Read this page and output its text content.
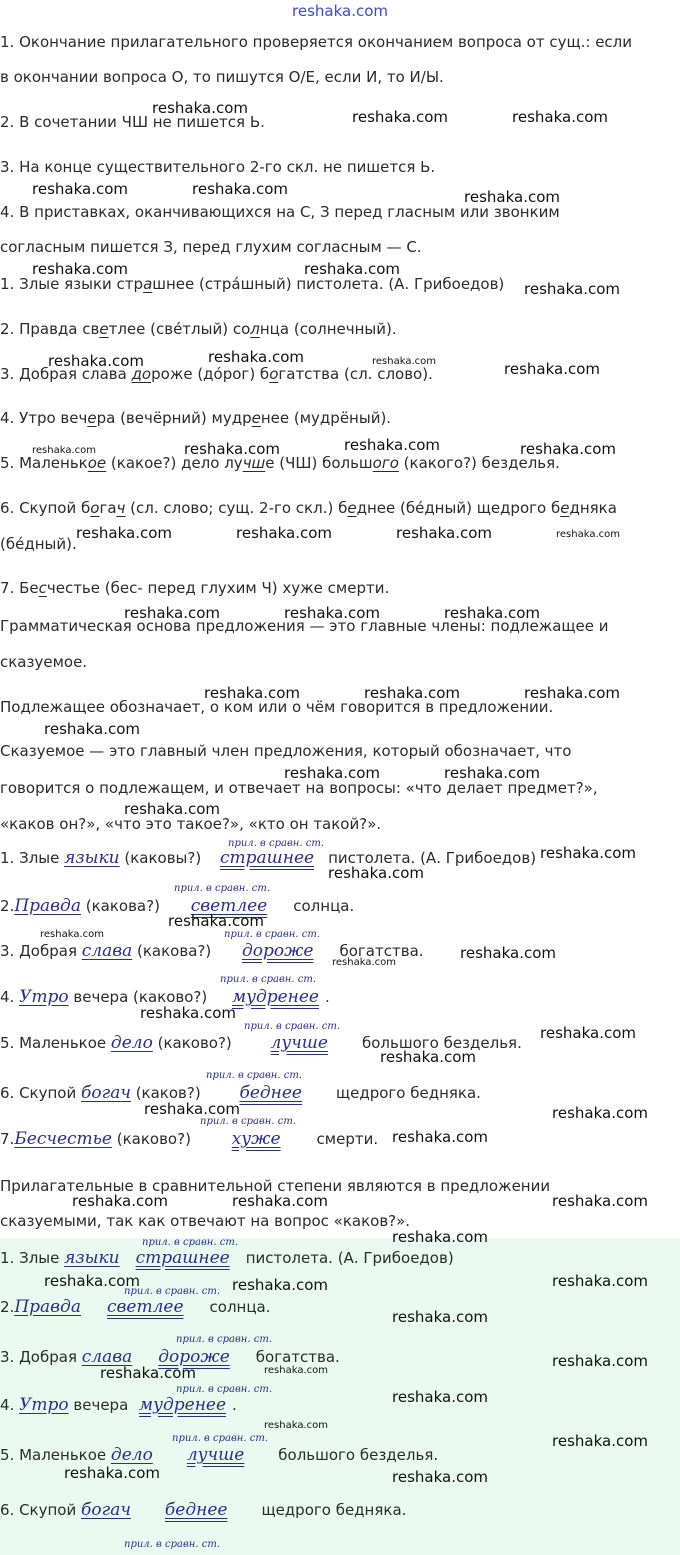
reshaka.com
1. Окончание прилагательного проверяется окончанием вопроса от сущ.: если
в окончании вопроса О, то пишутся О/Е, если И, то И/Ы.
2. В сочетании ЧШ не пишется Ь.
3. На конце существительного 2-го скл. не пишется Ь.
4. В приставках, оканчивающихся на С, З перед гласным или звонким
согласным пишется З, перед глухим согласным — С.
1. Злые языки страшнее (стра́шный) пистолета. (А. Грибоедов)
2. Правда светлее (све́тлый) солнца (солнечный).
3. Добрая слава дороже (до́рог) богатства (сл. слово).
4. Утро вечера (вечёрний) мудренее (мудрёный).
5. Маленькое (какое?) дело лучше (ЧШ) большого (какого?) безделья.
6. Скупой богач (сл. слово; сущ. 2-го скл.) беднее (бе́дный) щедрого бедняка
(бе́дный).
7. Бесчестье (бес- перед глухим Ч) хуже смерти.
Грамматическая основа предложения — это главные члены: подлежащее и
сказуемое.
Подлежащее обозначает, о ком или о чём говорится в предложении.
Сказуемое — это главный член предложения, который обозначает, что
говорится о подлежащем, и отвечает на вопросы: «что делает предмет?»,
«каков он?», «что это такое?», «кто он такой?».
1. Злые языки (каковы?) страшнее пистолета. (А. Грибоедов)
прил. в сравн. ст.
2.Правда (какова?) светлее солнца.
прил. в сравн. ст.
3. Добрая слава (какова?) дороже богатства.
прил. в сравн. ст.
4. Утро вечера (каково?) мудренее .
прил. в сравн. ст.
5. Маленькое дело (каково?) лучше большого безделья.
прил. в сравн. ст.
6. Скупой богач (каков?) беднее щедрого бедняка.
прил. в сравн. ст.
7.Бесчестье (каково?) хуже смерти.
прил. в сравн. ст.
Прилагательные в сравнительной степени являются в предложении
сказуемыми, так как отвечают на вопрос «каков?».
1. Злые языки страшнее пистолета. (А. Грибоедов)
прил. в сравн. ст.
2.Правда светлее солнца.
прил. в сравн. ст.
3. Добрая слава дороже богатства.
прил. в сравн. ст.
4. Утро вечера мудренее .
прил. в сравн. ст.
5. Маленькое дело лучше большого безделья.
прил. в сравн. ст.
6. Скупой богач беднее щедрого бедняка.
прил. в сравн. ст.
reshaka.com	reshaka.com	reshaka.com
reshaka.com	reshaka.com	reshaka.com
reshaka.com	reshaka.com
reshaka.com
reshaka.com	reshaka.com	reshaka.com	reshaka.com
reshaka.com	reshaka.com	reshaka.com	reshaka.com
reshaka.com	reshaka.com	reshaka.com	reshaka.com
reshaka.com	reshaka.com	reshaka.com
reshaka.com	reshaka.com	reshaka.com
reshaka.com
reshaka.com	reshaka.com
reshaka.com
reshaka.com
reshaka.com
reshaka.com
reshaka.com
reshaka.com
reshaka.com
reshaka.com
reshaka.com
reshaka.com
reshaka.com	reshaka.com
reshaka.com
reshaka.com	reshaka.com	reshaka.com
reshaka.com
reshaka.com	reshaka.com	reshaka.com
reshaka.com
reshaka.com
reshaka.com	reshaka.com
reshaka.com
reshaka.com
reshaka.com
reshaka.com	reshaka.com
